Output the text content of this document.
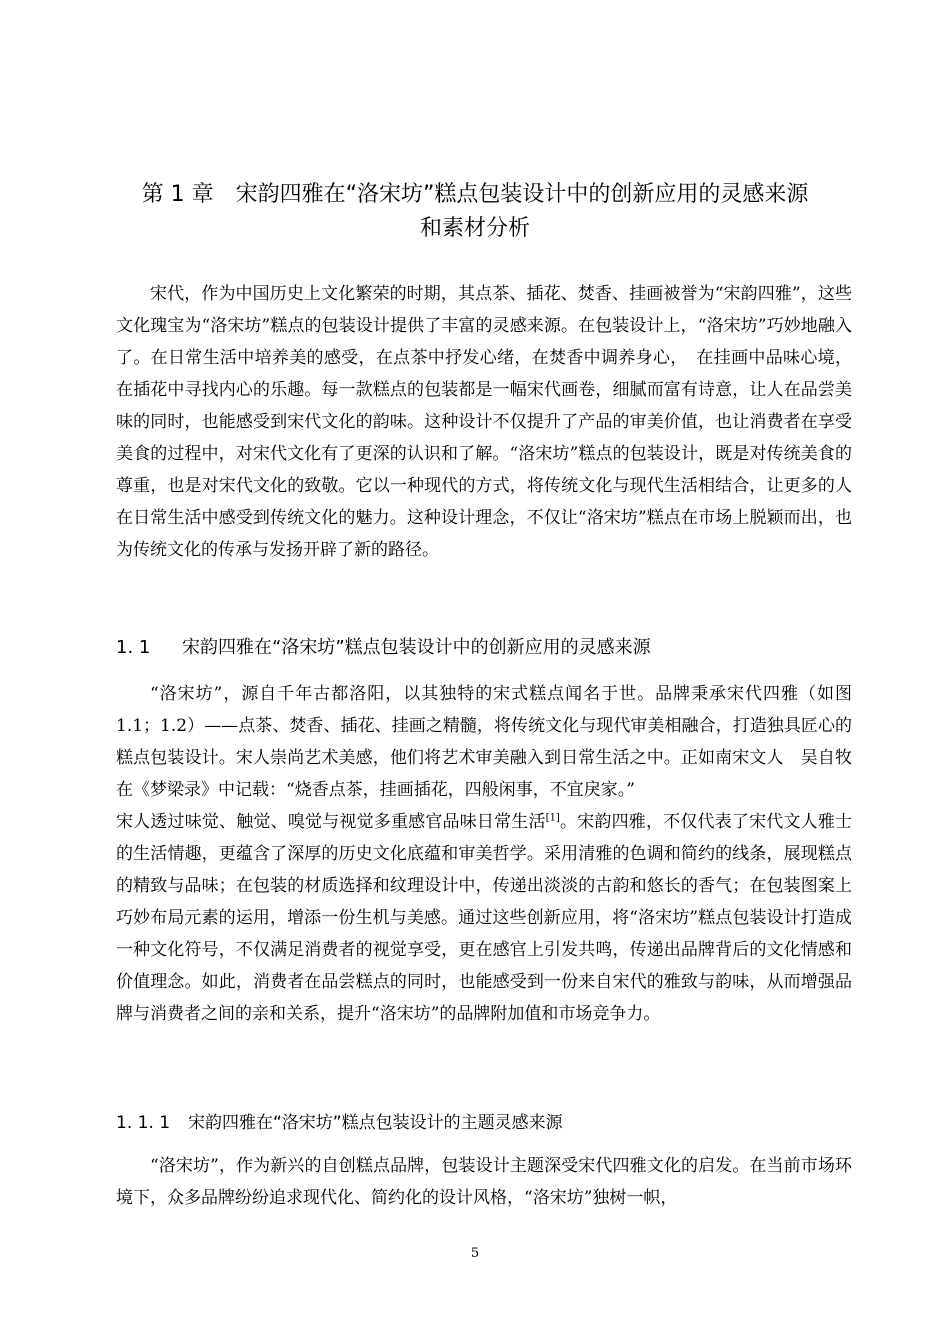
第 1 章　宋韵四雅在“洛宋坊”糕点包装设计中的创新应用的灵感来源
和素材分析

宋代，作为中国历史上文化繁荣的时期，其点茶、插花、焚香、挂画被誉为“宋韵四雅”，这些文化瑰宝为“洛宋坊”糕点的包装设计提供了丰富的灵感来源。在包装设计上，“洛宋坊”巧妙地融入了。在日常生活中培养美的感受，在点茶中抒发心绪，在焚香中调养身心，　在挂画中品味心境，在插花中寻找内心的乐趣。每一款糕点的包装都是一幅宋代画卷，细腻而富有诗意，让人在品尝美味的同时，也能感受到宋代文化的韵味。这种设计不仅提升了产品的审美价值，也让消费者在享受美食的过程中，对宋代文化有了更深的认识和了解。“洛宋坊”糕点的包装设计，既是对传统美食的尊重，也是对宋代文化的致敬。它以一种现代的方式，将传统文化与现代生活相结合，让更多的人在日常生活中感受到传统文化的魅力。这种设计理念，不仅让“洛宋坊”糕点在市场上脱颖而出，也为传统文化的传承与发扬开辟了新的路径。

1. 1 宋韵四雅在“洛宋坊”糕点包装设计中的创新应用的灵感来源

“洛宋坊”，源自千年古都洛阳，以其独特的宋式糕点闻名于世。品牌秉承宋代四雅（如图 1.1；1.2）——点茶、焚香、插花、挂画之精髓，将传统文化与现代审美相融合，打造独具匠心的糕点包装设计。宋人崇尚艺术美感，他们将艺术审美融入到日常生活之中。正如南宋文人　吴自牧在《梦梁录》中记载：“烧香点茶，挂画插花，四般闲事，不宜戾家。”

宋人透过味觉、触觉、嗅觉与视觉多重感官品味日常生活[1]。宋韵四雅，不仅代表了宋代文人雅士的生活情趣，更蕴含了深厚的历史文化底蕴和审美哲学。采用清雅的色调和简约的线条，展现糕点的精致与品味；在包装的材质选择和纹理设计中，传递出淡淡的古韵和悠长的香气；在包装图案上巧妙布局元素的运用，增添一份生机与美感。通过这些创新应用，将“洛宋坊”糕点包装设计打造成一种文化符号，不仅满足消费者的视觉享受，更在感官上引发共鸣，传递出品牌背后的文化情感和价值理念。如此，消费者在品尝糕点的同时，也能感受到一份来自宋代的雅致与韵味，从而增强品牌与消费者之间的亲和关系，提升“洛宋坊”的品牌附加值和市场竞争力。

1. 1. 1 宋韵四雅在“洛宋坊”糕点包装设计的主题灵感来源

“洛宋坊”，作为新兴的自创糕点品牌，包装设计主题深受宋代四雅文化的启发。在当前市场环境下，众多品牌纷纷追求现代化、简约化的设计风格，“洛宋坊”独树一帜，

5
